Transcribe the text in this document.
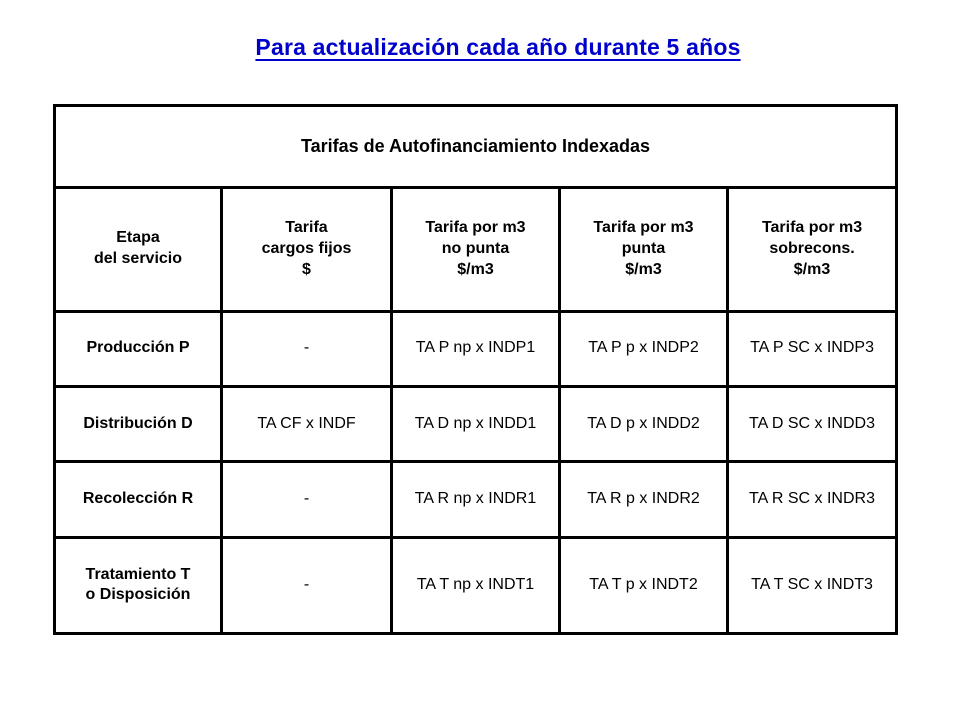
Para actualización cada año durante 5 años
Tarifas de Autofinanciamiento Indexadas				

Etapa
del servicio	Tarifa
cargos fijos
$	Tarifa por m3
no punta
$/m3	Tarifa por m3
punta
$/m3	Tarifa por m3
sobrecons.
$/m3

Producción P	-	TA P np x INDP1	TA P p x INDP2	TA P SC x INDP3

Distribución D	TA CF x INDF	TA D np x INDD1	TA D p x INDD2	TA D SC x INDD3

Recolección R	-	TA R np x INDR1	TA R p x INDR2	TA R SC x INDR3

Tratamiento T
o Disposición	-	TA T np x INDT1	TA T p x INDT2	TA T SC x INDT3
